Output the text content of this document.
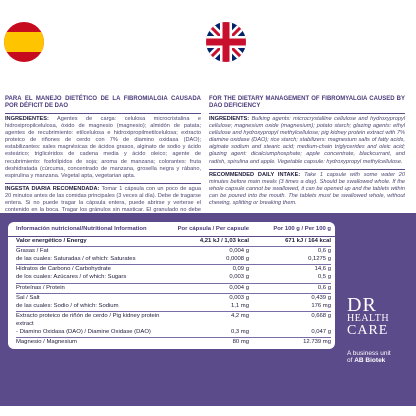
PARA EL MANEJO DIETÉTICO DE LA FIBROMIALGIA CAUSADA POR DÉFICIT DE DAO

INGREDIENTES: Agentes de carga: celulosa microcristalina e hidroxipropilcelulosa, óxido de magnesio (magnesio); almidón de patata; agentes de recubrimiento: etilcelulosa e hidroxipropilmetilcelulosa; extracto proteico de riñones de cerdo con 7% de diamino oxidasa (DAO); estabilizantes: sales magnésicas de ácidos grasos, alginato de sodio y ácido esteárico; triglicéridos de cadena media y ácido oleico; agente de recubrimiento: fosfolípidos de soja; aroma de manzana; colorantes: fruta deshidratada (cúrcuma, concentrado de manzana, grosella negra y rábano, espirulina y manzana. Vegetal apta, vegetarian apta.

INGESTA DIARIA RECOMENDADA: Tomar 1 cápsula con un poco de agua 20 minutos antes de las comidas principales (3 veces al día). Debe de tragarse entera. Si no puede tragar la cápsula entera, puede abrirse y verterse el contenido en la boca. Tragar los gránulos sin masticar. El granulado no debe

FOR THE DIETARY MANAGEMENT OF FIBROMYALGIA CAUSED BY DAO DEFICIENCY

INGREDIENTS: Bulking agents: microcrystalline cellulose and hydroxypropyl cellulose; magnesium oxide (magnesium); potato starch; glazing agents: ethyl cellulose and hydroxypropyl methylcellulose; pig kidney protein extract with 7% diamine oxidase (DAO); rice starch; stabilizers: magnesium salts of fatty acids, alginate sodium and stearic acid; medium-chain triglycerides and oleic acid; glazing agent: dicalciumphosphate; apple concentrate, blackcurrant, and radish, spirulina and apple. Vegetable capsule: hydroxypropyl methylcellulose.

RECOMMENDED DAILY INTAKE: Take 1 capsule with some water 20 minutes before main meals (3 times a day). Should be swallowed whole. If the whole capsule cannot be swallowed, it can be opened up and the tablets within can be poured into the mouth. The tablets must be swallowed whole, without chewing, splitting or breaking them.

Información nutricional/Nutritional Information	Por cápsula / Per capsule	Por 100 g / Per 100 g
Valor energético / Energy	4,21 kJ / 1,03 kcal	671 kJ / 164 kcal
Grasas / Fat	0,004 g	0,6 g
de las cuales: Saturadas / of which: Saturates	0,0008 g	0,1275 g
Hidratos de Carbono / Carbohydrate	0,09 g	14,6 g
de los cuales: Azúcares / of which: Sugars	0,003 g	0,5 g
Proteínas / Protein	0,004 g	0,6 g
Sal / Salt	0,003 g	0,439 g
de las cuales: Sodio / of which: Sodium	1,1 mg	176 mg
Extracto proteico de riñón de cerdo / Pig kidney protein extract
4,2 mg	0,668 g
- Diamino Oxidasa (DAO) / Diamine Oxidase (DAO)	0,3 mg	0,047 g
Magnesio / Magnesium	80 mg	12.739 mg
DR
HEALTH
CARE
A business unit
of AB Biotek
